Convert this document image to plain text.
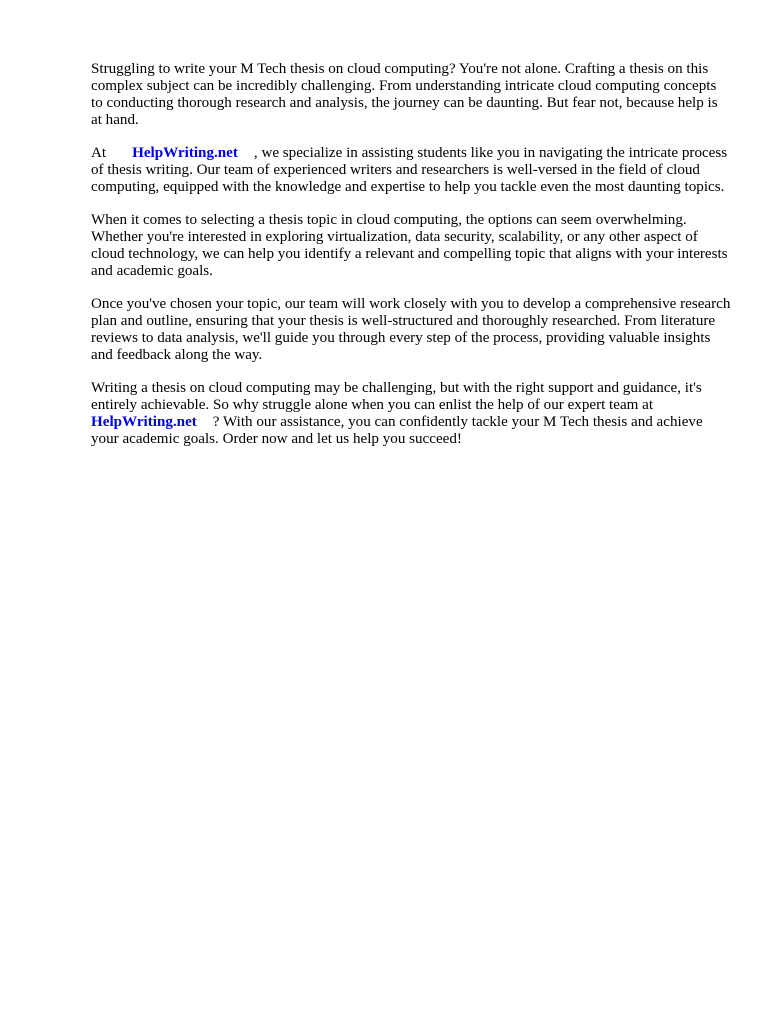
Struggling to write your M Tech thesis on cloud computing? You're not alone. Crafting a thesis on this complex subject can be incredibly challenging. From understanding intricate cloud computing concepts to conducting thorough research and analysis, the journey can be daunting. But fear not, because help is at hand.

At HelpWriting.net , we specialize in assisting students like you in navigating the intricate process of thesis writing. Our team of experienced writers and researchers is well-versed in the field of cloud computing, equipped with the knowledge and expertise to help you tackle even the most daunting topics.

When it comes to selecting a thesis topic in cloud computing, the options can seem overwhelming. Whether you're interested in exploring virtualization, data security, scalability, or any other aspect of cloud technology, we can help you identify a relevant and compelling topic that aligns with your interests and academic goals.

Once you've chosen your topic, our team will work closely with you to develop a comprehensive research plan and outline, ensuring that your thesis is well-structured and thoroughly researched. From literature reviews to data analysis, we'll guide you through every step of the process, providing valuable insights and feedback along the way.

Writing a thesis on cloud computing may be challenging, but with the right support and guidance, it's entirely achievable. So why struggle alone when you can enlist the help of our expert team at HelpWriting.net ? With our assistance, you can confidently tackle your M Tech thesis and achieve your academic goals. Order now and let us help you succeed!
